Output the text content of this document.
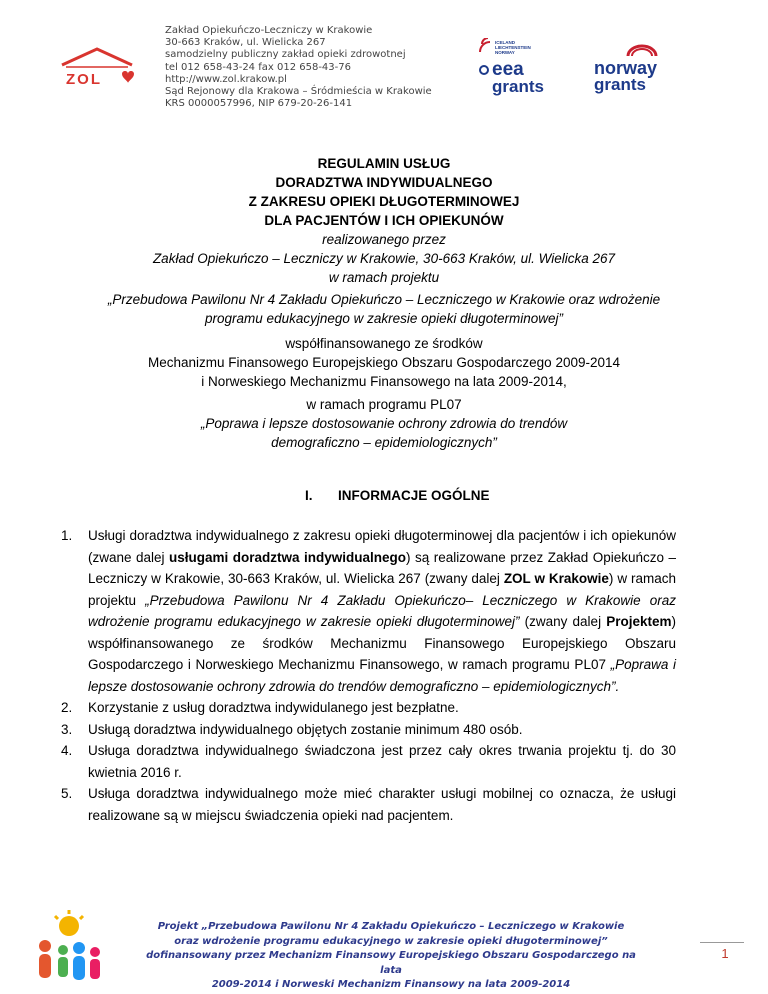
Zakład Opiekuńczo-Leczniczy w Krakowie
30-663 Kraków, ul. Wielicka 267
samodzielny publiczny zakład opieki zdrowotnej
tel 012 658-43-24 fax 012 658-43-76
http://www.zol.krakow.pl
Sąd Rejonowy dla Krakowa – Śródmieścia w Krakowie
KRS 0000057996, NIP 679-20-26-141
ZOL
ICELAND
LIECHTENSTEIN
NORWAY
eea
grants
norway
grants
REGULAMIN USŁUG
DORADZTWA INDYWIDUALNEGO
Z ZAKRESU OPIEKI DŁUGOTERMINOWEJ
DLA PACJENTÓW I ICH OPIEKUNÓW
realizowanego przez
Zakład Opiekuńczo – Leczniczy w Krakowie, 30-663 Kraków, ul. Wielicka 267
w ramach projektu
„Przebudowa Pawilonu Nr 4 Zakładu Opiekuńczo – Leczniczego w Krakowie oraz wdrożenie
programu edukacyjnego w zakresie opieki długoterminowej”
współfinansowanego ze środków
Mechanizmu Finansowego Europejskiego Obszaru Gospodarczego 2009-2014
i Norweskiego Mechanizmu Finansowego na lata 2009-2014,
w ramach programu PL07
„Poprawa i lepsze dostosowanie ochrony zdrowia do trendów
demograficzno – epidemiologicznych”
I. INFORMACJE OGÓLNE
1. Usługi doradztwa indywidualnego z zakresu opieki długoterminowej dla pacjentów i ich opiekunów (zwane dalej usługami doradztwa indywidualnego) są realizowane przez Zakład Opiekuńczo – Leczniczy w Krakowie, 30-663 Kraków, ul. Wielicka 267 (zwany dalej ZOL w Krakowie) w ramach projektu „Przebudowa Pawilonu Nr 4 Zakładu Opiekuńczo– Leczniczego w Krakowie oraz wdrożenie programu edukacyjnego w zakresie opieki długoterminowej” (zwany dalej Projektem) współfinansowanego ze środków Mechanizmu Finansowego Europejskiego Obszaru Gospodarczego i Norweskiego Mechanizmu Finansowego, w ramach programu PL07 „Poprawa i lepsze dostosowanie ochrony zdrowia do trendów demograficzno – epidemiologicznych”.
2. Korzystanie z usług doradztwa indywidulanego jest bezpłatne.
3. Usługą doradztwa indywidualnego objętych zostanie minimum 480 osób.
4. Usługa doradztwa indywidualnego świadczona jest przez cały okres trwania projektu tj. do 30 kwietnia 2016 r.
5. Usługa doradztwa indywidualnego może mieć charakter usługi mobilnej co oznacza, że usługi realizowane są w miejscu świadczenia opieki nad pacjentem.
Projekt „Przebudowa Pawilonu Nr 4 Zakładu Opiekuńczo – Leczniczego w Krakowie
oraz wdrożenie programu edukacyjnego w zakresie opieki długoterminowej”
dofinansowany przez Mechanizm Finansowy Europejskiego Obszaru Gospodarczego na lata
2009-2014 i Norweski Mechanizm Finansowy na lata 2009-2014
1
